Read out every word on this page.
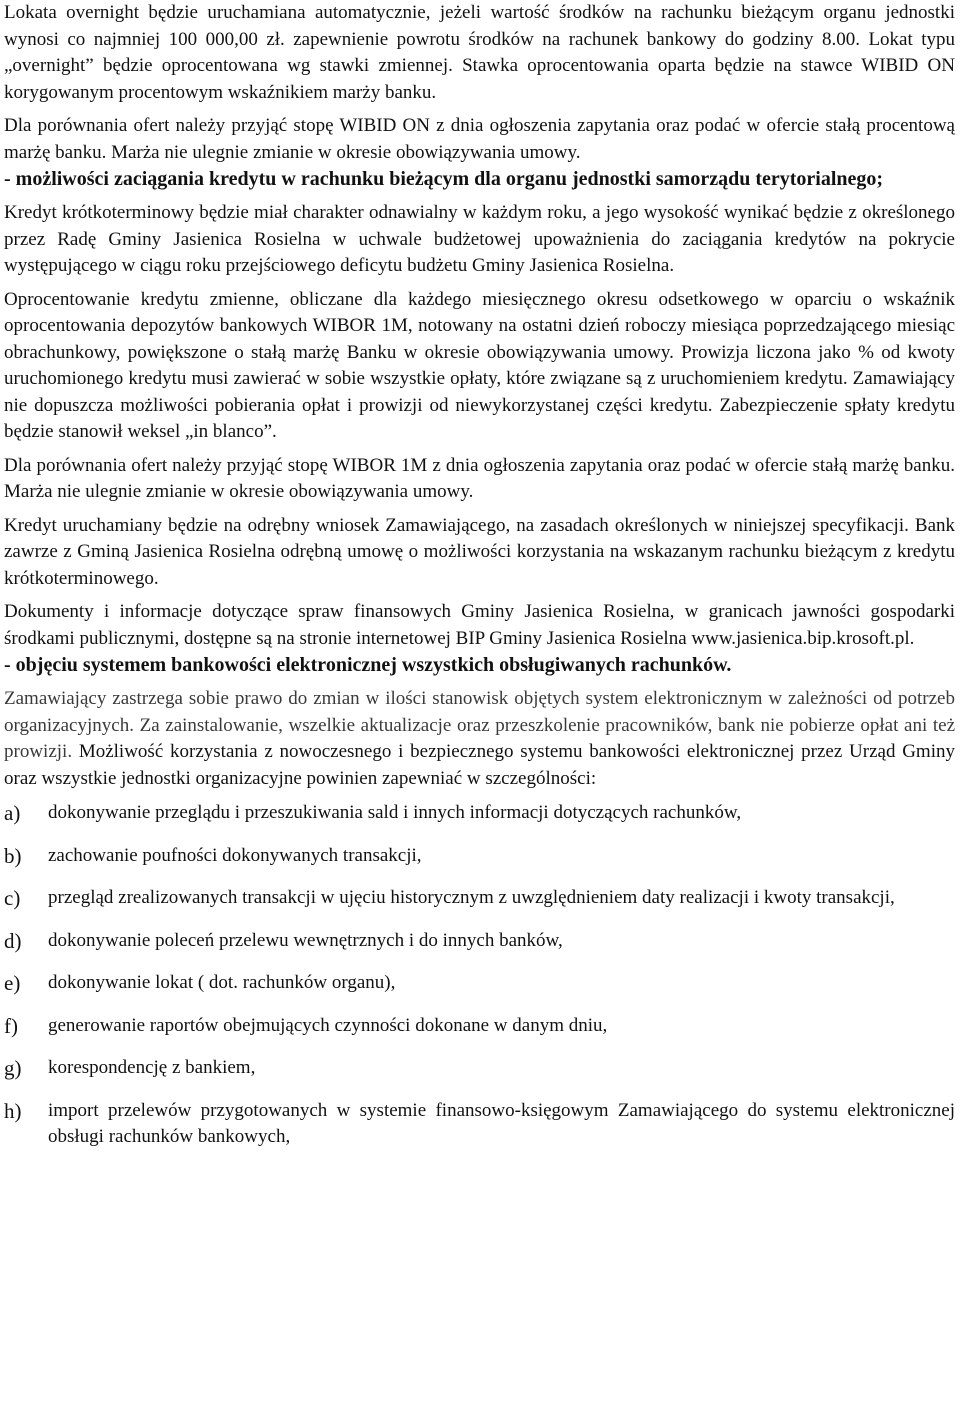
Lokata overnight będzie uruchamiana automatycznie, jeżeli wartość środków na rachunku bieżącym organu jednostki wynosi co najmniej 100 000,00 zł. zapewnienie powrotu środków na rachunek bankowy do godziny 8.00. Lokat typu „overnight” będzie oprocentowana wg stawki zmiennej. Stawka oprocentowania oparta będzie na stawce WIBID ON korygowanym procentowym wskaźnikiem marży banku.

Dla porównania ofert należy przyjąć stopę WIBID ON z dnia ogłoszenia zapytania oraz podać w ofercie stałą procentową marżę banku. Marża nie ulegnie zmianie w okresie obowiązywania umowy.

- możliwości zaciągania kredytu w rachunku bieżącym dla organu jednostki samorządu terytorialnego;

Kredyt krótkoterminowy będzie miał charakter odnawialny w każdym roku, a jego wysokość wynikać będzie z określonego przez Radę Gminy Jasienica Rosielna w uchwale budżetowej upoważnienia do zaciągania kredytów na pokrycie występującego w ciągu roku przejściowego deficytu budżetu Gminy Jasienica Rosielna.

Oprocentowanie kredytu zmienne, obliczane dla każdego miesięcznego okresu odsetkowego w oparciu o wskaźnik oprocentowania depozytów bankowych WIBOR 1M, notowany na ostatni dzień roboczy miesiąca poprzedzającego miesiąc obrachunkowy, powiększone o stałą marżę Banku w okresie obowiązywania umowy. Prowizja liczona jako % od kwoty uruchomionego kredytu musi zawierać w sobie wszystkie opłaty, które związane są z uruchomieniem kredytu. Zamawiający nie dopuszcza możliwości pobierania opłat i prowizji od niewykorzystanej części kredytu. Zabezpieczenie spłaty kredytu będzie stanowił weksel „in blanco”.

Dla porównania ofert należy przyjąć stopę WIBOR 1M z dnia ogłoszenia zapytania oraz podać w ofercie stałą marżę banku. Marża nie ulegnie zmianie w okresie obowiązywania umowy.

Kredyt uruchamiany będzie na odrębny wniosek Zamawiającego, na zasadach określonych w niniejszej specyfikacji. Bank zawrze z Gminą Jasienica Rosielna odrębną umowę o możliwości korzystania na wskazanym rachunku bieżącym z kredytu krótkoterminowego.

Dokumenty i informacje dotyczące spraw finansowych Gminy Jasienica Rosielna, w granicach jawności gospodarki środkami publicznymi, dostępne są na stronie internetowej BIP Gminy Jasienica Rosielna www.jasienica.bip.krosoft.pl.

- objęciu systemem bankowości elektronicznej wszystkich obsługiwanych rachunków.

Zamawiający zastrzega sobie prawo do zmian w ilości stanowisk objętych system elektronicznym w zależności od potrzeb organizacyjnych. Za zainstalowanie, wszelkie aktualizacje oraz przeszkolenie pracowników, bank nie pobierze opłat ani też prowizji. Możliwość korzystania z nowoczesnego i bezpiecznego systemu bankowości elektronicznej przez Urząd Gminy oraz wszystkie jednostki organizacyjne powinien zapewniać w szczególności:

a)	dokonywanie przeglądu i przeszukiwania sald i innych informacji dotyczących rachunków,
b)	zachowanie poufności dokonywanych transakcji,
c)	przegląd zrealizowanych transakcji w ujęciu historycznym z uwzględnieniem daty realizacji i kwoty transakcji,
d)	dokonywanie poleceń przelewu wewnętrznych i do innych banków,
e)	dokonywanie lokat ( dot. rachunków organu),
f)	generowanie raportów obejmujących czynności dokonane w danym dniu,
g)	korespondencję z bankiem,
h)	import przelewów przygotowanych w systemie finansowo-księgowym Zamawiającego do systemu elektronicznej obsługi rachunków bankowych,
